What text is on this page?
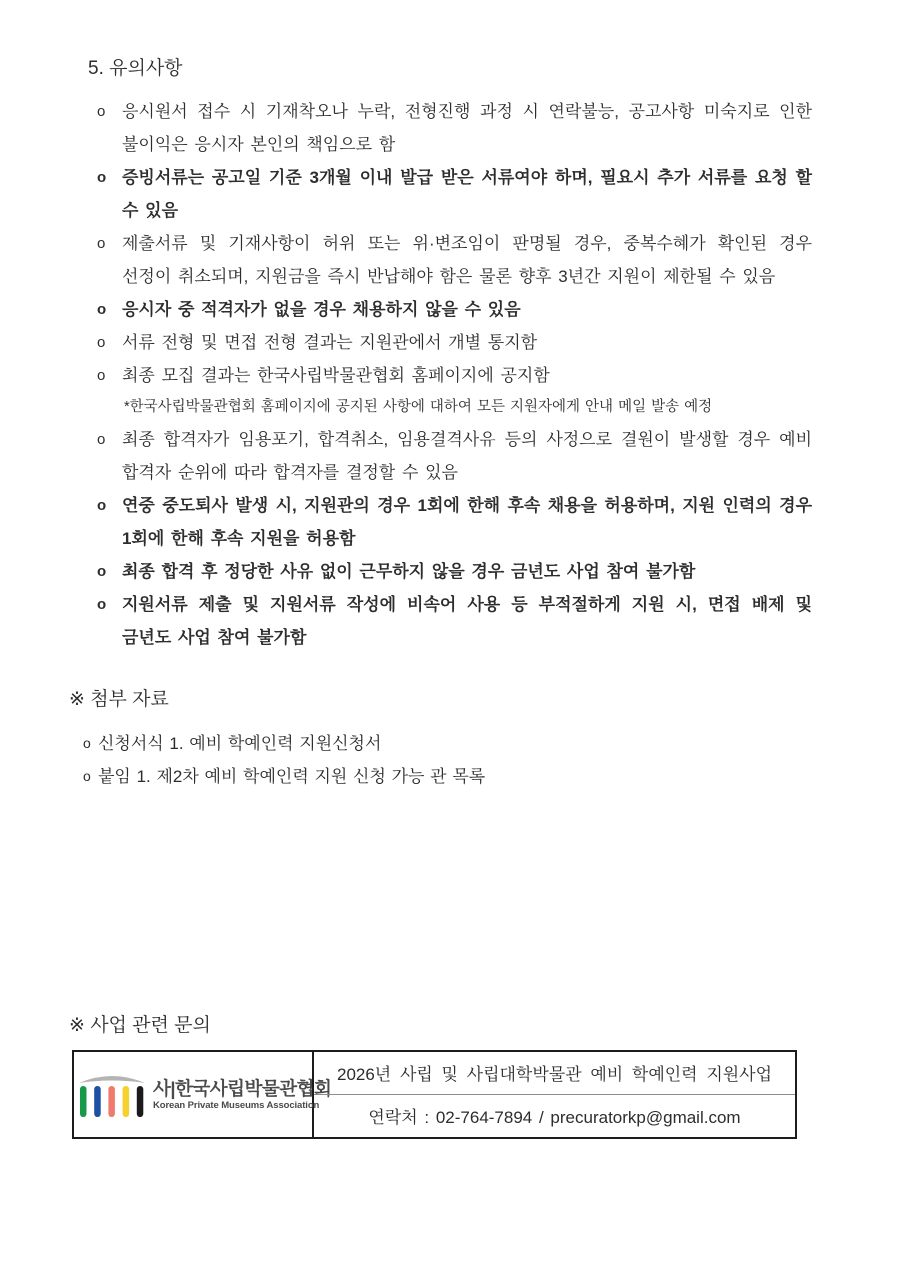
5. 유의사항
o 응시원서 접수 시 기재착오나 누락, 전형진행 과정 시 연락불능, 공고사항 미숙지로 인한 불이익은 응시자 본인의 책임으로 함
o 증빙서류는 공고일 기준 3개월 이내 발급 받은 서류여야 하며, 필요시 추가 서류를 요청 할 수 있음
o 제출서류 및 기재사항이 허위 또는 위·변조임이 판명될 경우, 중복수혜가 확인된 경우 선정이 취소되며, 지원금을 즉시 반납해야 함은 물론 향후 3년간 지원이 제한될 수 있음
o 응시자 중 적격자가 없을 경우 채용하지 않을 수 있음
o 서류 전형 및 면접 전형 결과는 지원관에서 개별 통지함
o 최종 모집 결과는 한국사립박물관협회 홈페이지에 공지함
*한국사립박물관협회 홈페이지에 공지된 사항에 대하여 모든 지원자에게 안내 메일 발송 예정
o 최종 합격자가 임용포기, 합격취소, 임용결격사유 등의 사정으로 결원이 발생할 경우 예비 합격자 순위에 따라 합격자를 결정할 수 있음
o 연중 중도퇴사 발생 시, 지원관의 경우 1회에 한해 후속 채용을 허용하며, 지원 인력의 경우 1회에 한해 후속 지원을 허용함
o 최종 합격 후 정당한 사유 없이 근무하지 않을 경우 금년도 사업 참여 불가함
o 지원서류 제출 및 지원서류 작성에 비속어 사용 등 부적절하게 지원 시, 면접 배제 및 금년도 사업 참여 불가함
※ 첨부 자료
o 신청서식 1. 예비 학예인력 지원신청서
o 붙임 1. 제2차 예비 학예인력 지원 신청 가능 관 목록
※ 사업 관련 문의
사|한국사립박물관협회
Korean Private Museums Association
2026년 사립 및 사립대학박물관 예비 학예인력 지원사업
연락처 : 02-764-7894 / precuratorkp@gmail.com
